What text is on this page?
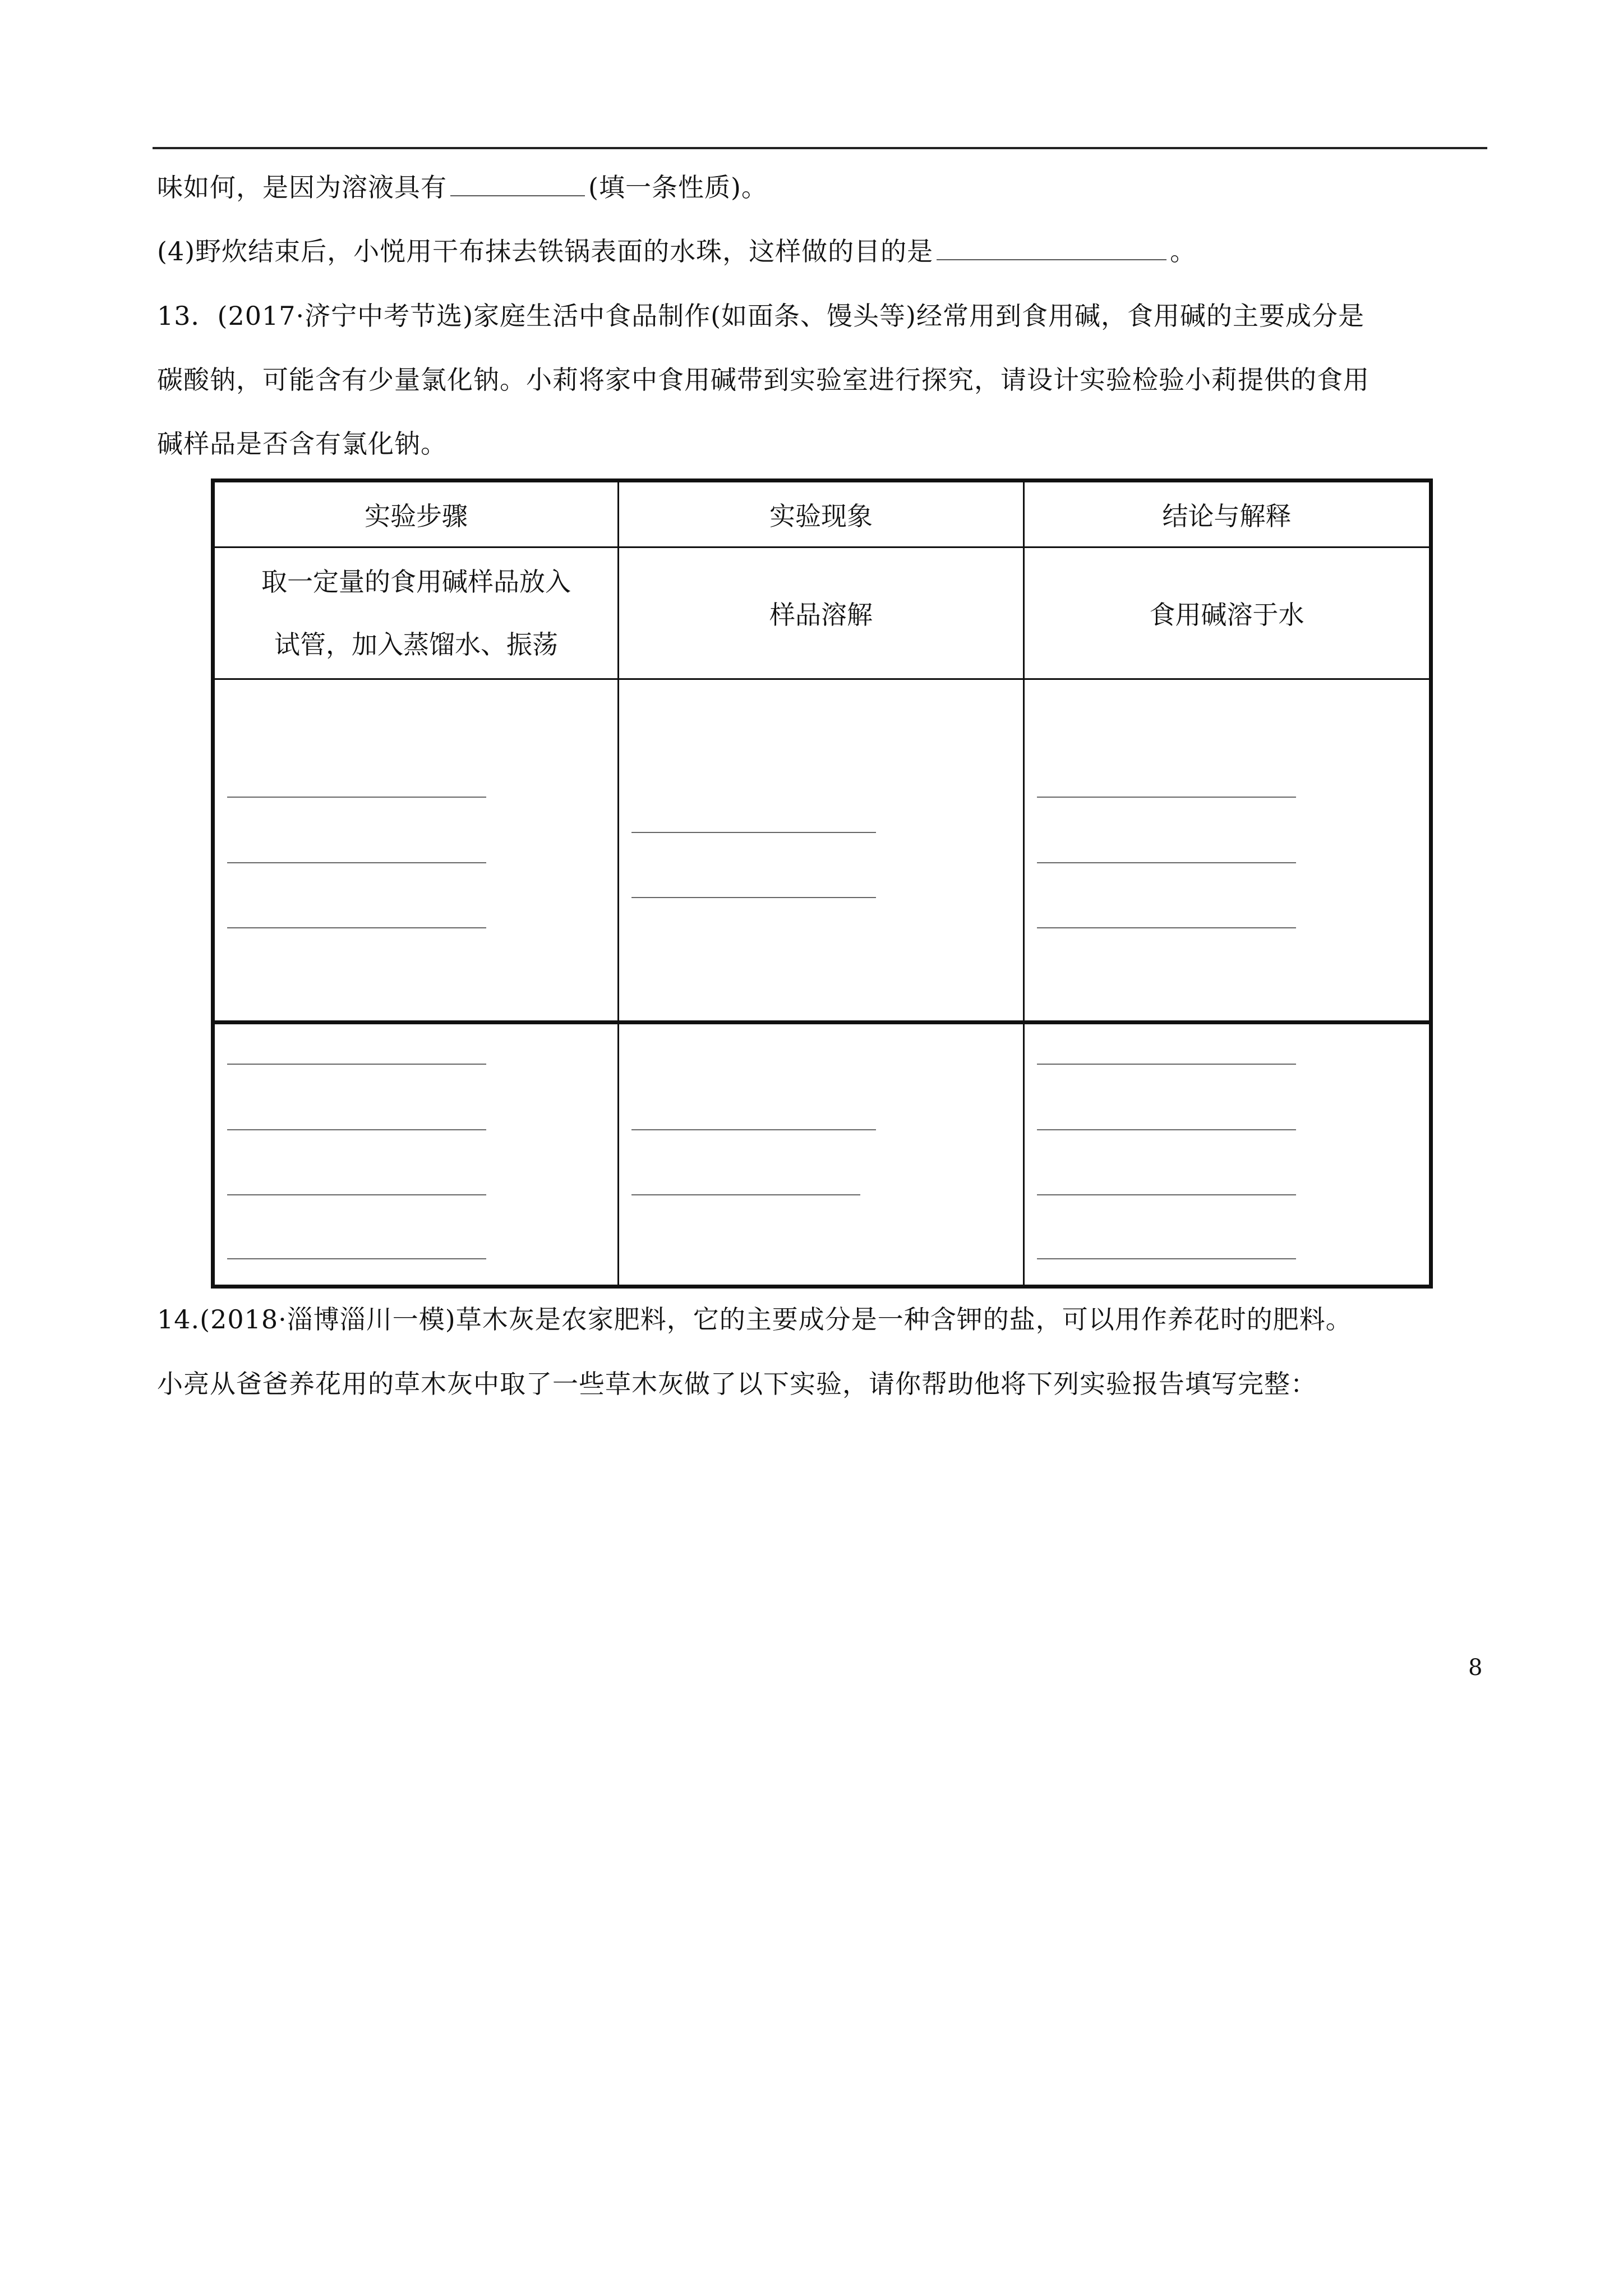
味如何，是因为溶液具有	(填一条性质)。
(4)野炊结束后，小悦用干布抹去铁锅表面的水珠，这样做的目的是	。
13．(2017·济宁中考节选)家庭生活中食品制作(如面条、馒头等)经常用到食用碱，食用碱的主要成分是
碳酸钠，可能含有少量氯化钠。小莉将家中食用碱带到实验室进行探究，请设计实验检验小莉提供的食用
碱样品是否含有氯化钠。
实验步骤	实验现象	结论与解释

取一定量的食用碱样品放入
试管，加入蒸馏水、振荡	样品溶解	食用碱溶于水

14.(2018·淄博淄川一模)草木灰是农家肥料，它的主要成分是一种含钾的盐，可以用作养花时的肥料。
小亮从爸爸养花用的草木灰中取了一些草木灰做了以下实验，请你帮助他将下列实验报告填写完整：
8
